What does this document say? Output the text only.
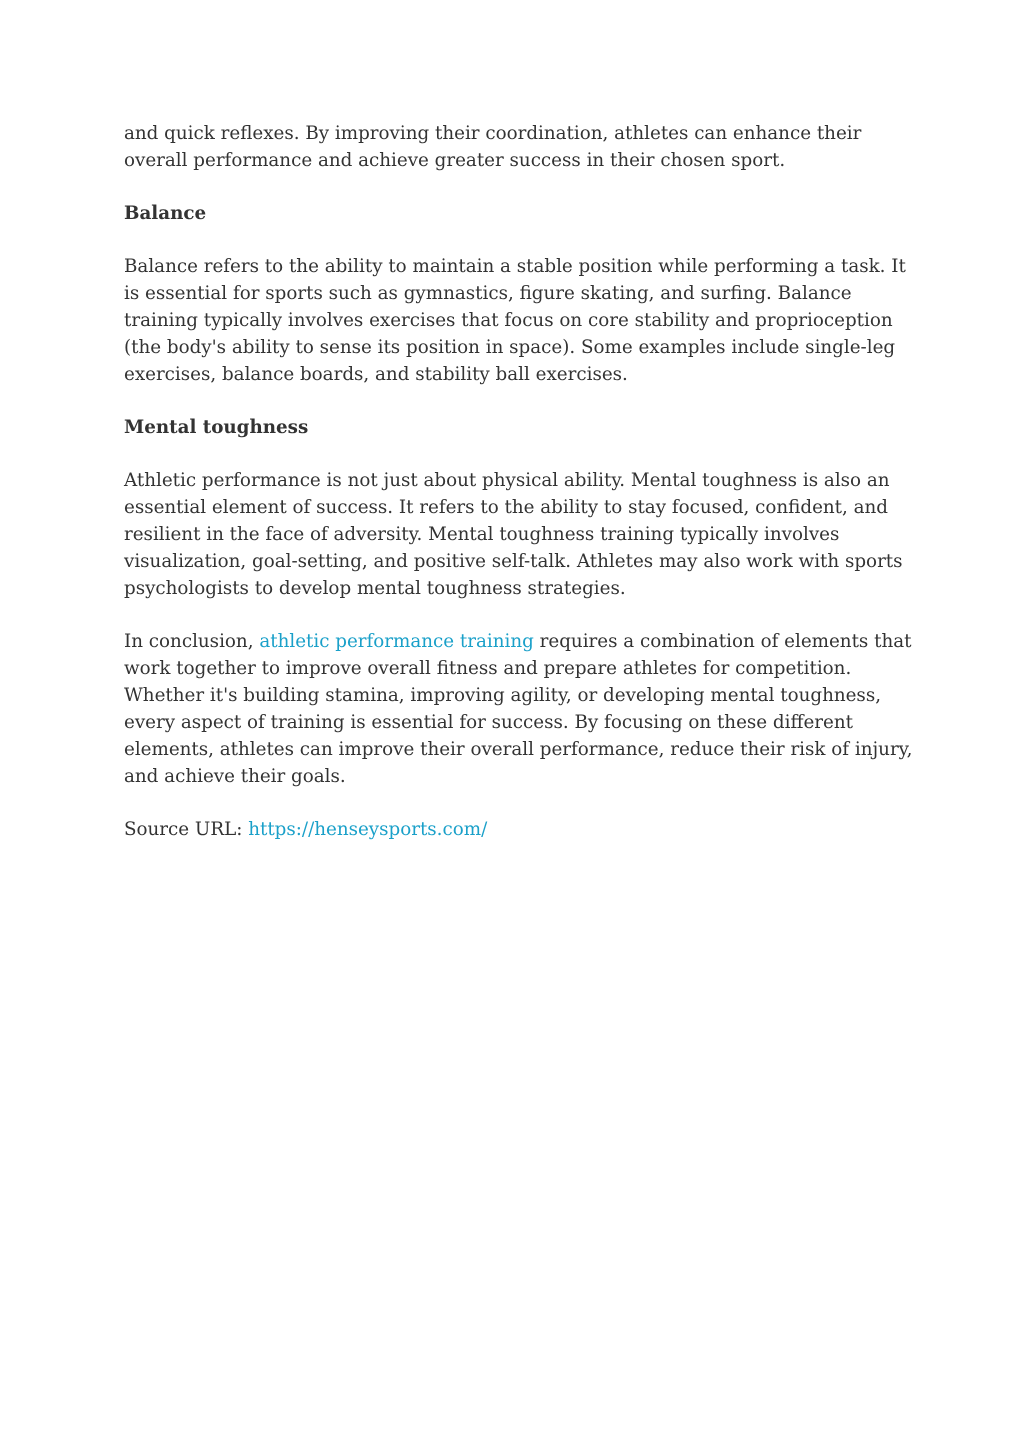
and quick reflexes. By improving their coordination, athletes can enhance their overall performance and achieve greater success in their chosen sport.

Balance

Balance refers to the ability to maintain a stable position while performing a task. It is essential for sports such as gymnastics, figure skating, and surfing. Balance training typically involves exercises that focus on core stability and proprioception (the body's ability to sense its position in space). Some examples include single-leg exercises, balance boards, and stability ball exercises.

Mental toughness

Athletic performance is not just about physical ability. Mental toughness is also an essential element of success. It refers to the ability to stay focused, confident, and resilient in the face of adversity. Mental toughness training typically involves visualization, goal-setting, and positive self-talk. Athletes may also work with sports psychologists to develop mental toughness strategies.

In conclusion, athletic performance training requires a combination of elements that work together to improve overall fitness and prepare athletes for competition. Whether it's building stamina, improving agility, or developing mental toughness, every aspect of training is essential for success. By focusing on these different elements, athletes can improve their overall performance, reduce their risk of injury, and achieve their goals.

Source URL: https://henseysports.com/
